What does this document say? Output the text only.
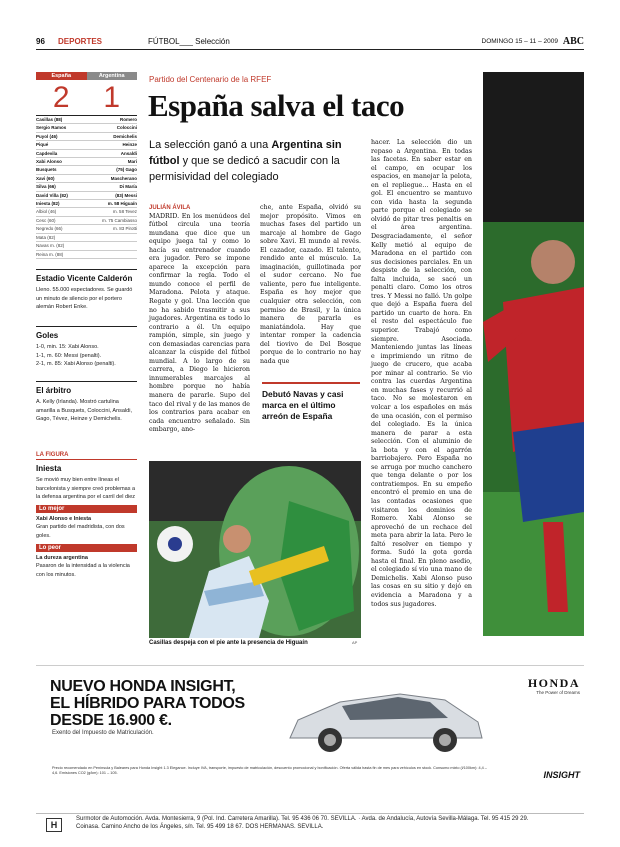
96 DEPORTES	FÚTBOL___ Selección	DOMINGO 15 – 11 – 2009 ABC
España	Argentina
2	1
Casillas (88)	Romero
Sergio Ramos	Coloccini
Puyol (46)	Demichelis
Piqué	Heinze
Capdevila	Ansaldi
Xabi Alonso	Mari
Busquets	(75) Gago
Xavi (60)	Mascherano
Silva (66)	Di María
David Villa (82)	(83) Messi
Iniesta (82)	m. 58 Higuaín
Albiol (46)	m. 58 Tevez
Cesc (60)	m. 75 Cambiasso
Negredo (66)	m. 83 Pirotti
Mata (82)
Navas m. (82)
Reina m. (88)
Estadio Vicente Calderón

Lleno. 55.000 espectadores. Se guardó un minuto de silencio por el portero alemán Robert Enke.

Goles

1-0, min. 15: Xabi Alonso.

1-1, m. 60: Messi (penalti).

2-1, m. 85: Xabi Alonso (penalti).

El árbitro

A. Kelly (Irlanda). Mostró cartulina amarilla a Busquets, Coloccini, Ansaldi, Gago, Tévez, Heinze y Demichelis.

LA FIGURA
Iniesta

Se movió muy bien entre líneas el barcelonista y siempre creó problemas a la defensa argentina por el carril del diez

Lo mejor

Xabi Alonso e Iniesta

Gran partido del madridista, con dos goles.

Lo peor

La dureza argentina

Pasaron de la intensidad a la violencia con los minutos.

Partido del Centenario de la RFEF
España salva el taco
La selección ganó a una Argentina sin fútbol y que se dedicó a sacudir con la permisividad del colegiado
JULIÁN ÁVILA
MADRID. En los menúdeos del fútbol circula una teoría mundana que dice que un equipo juega tal y como lo hacía su entrenador cuando era jugador. Pero se impone aparece la excepción para confirmar la regla. Todo el mundo conoce el perfil de Maradona. Pelota y ataque. Regate y gol. Una lección que no ha sabido trasmitir a sus jugadores. Argentina es todo lo contrario a él. Un equipo rampión, simple, sin juego y con demasiadas carencias para alcanzar la cúspide del fútbol mundial. A lo largo de su carrera, a Diego le hicieron innumerables marcajes al hombre porque no había manera de pararle. Supo del taco del rival y de las manos de los contrarios para acabar en cada encuentro señalado. Sin embargo, ano-
che, ante España, olvidó su mejor propósito. Vimos en muchas fases del partido un marcaje al hombre de Gago sobre Xavi. El mundo al revés. El cazador, cazado. El talento, rendido ante el músculo. La imaginación, guillotinada por el sudor cercano. No fue valiente, pero fue inteligente. España es hoy mejor que cualquier otra selección, con permiso de Brasil, y la única manera de pararla es maniatándola. Hay que intentar romper la cadencia del tiovivo de Del Bosque porque de lo contrario no hay nada que
Debutó Navas y casi marca en el último arreón de España
hacer. La selección dio un repaso a Argentina. En todas las facetas. En saber estar en el campo, en ocupar los espacios, en manejar la pelota, en el repliegue… Hasta en el gol. El encuentro se mantuvo con vida hasta la segunda parte porque el colegiado se olvidó de pitar tres penaltis en el área argentina. Desgraciadamente, el señor Kelly metió al equipo de Maradona en el partido con sus decisiones parciales. En un despiste de la selección, con falta incluida, se sacó un penalti claro. Como los otros tres. Y Messi no falló. Un golpe que dejó a España fuera del partido un cuarto de hora. En el resto del espectáculo fue superior. Trabajó como siempre. Asociada. Manteniendo juntas las líneas e imprimiendo un ritmo de juego de crucero, que acaba por minar al contrario. Se vio contra las cuerdas Argentina en muchas fases y recurrió al taco. No se molestaron en volcar a los españoles en más de una ocasión, con el permiso del colegiado. Es la única manera de parar a esta selección. Con el aluminio de la bota y con el agarrón barriobajero. Pero España no se arruga por mucho canchero que tenga delante o por los contratiempos. En su empeño encontró el premio en una de las contadas ocasiones que visitaron los dominios de Romero. Xabi Alonso se aprovechó de un rechace del meta para abrir la lata. Pero le faltó resolver en tiempo y forma. Sudó la gota gorda hasta el final. En pleno asedio, el colegiado sí vio una mano de Demichelis. Xabi Alonso puso las cosas en su sitio y dejó en evidencia a Maradona y a todos sus jugadores.
Casillas despeja con el pie ante la presencia de Higuaín	AP
NUEVO HONDA INSIGHT,
EL HÍBRIDO PARA TODOS
DESDE 16.900 €.
Exento del Impuesto de Matriculación.
HONDA
The Power of Dreams
Precio recomendado en Península y Baleares para Honda Insight 1.3 Elegance. Incluye IVA, transporte, impuesto de matriculación, descuento promocional y bonificación. Oferta válida hasta fin de mes para vehículos en stock. Consumo mixto (l/100km): 4,4 – 4,6. Emisiones CO2 (g/km): 101 – 105.	INSIGHT
H
Surmotor de Automoción. Avda. Montesierra, 9 (Pol. Ind. Carretera Amarilla). Tel. 95 436 06 70. SEVILLA. · Avda. de Andalucía, Autovía Sevilla-Málaga. Tel. 95 415 29 29.
Coinasa. Camino Ancho de los Ángeles, s/n. Tel. 95 499 18 67. DOS HERMANAS. SEVILLA.
